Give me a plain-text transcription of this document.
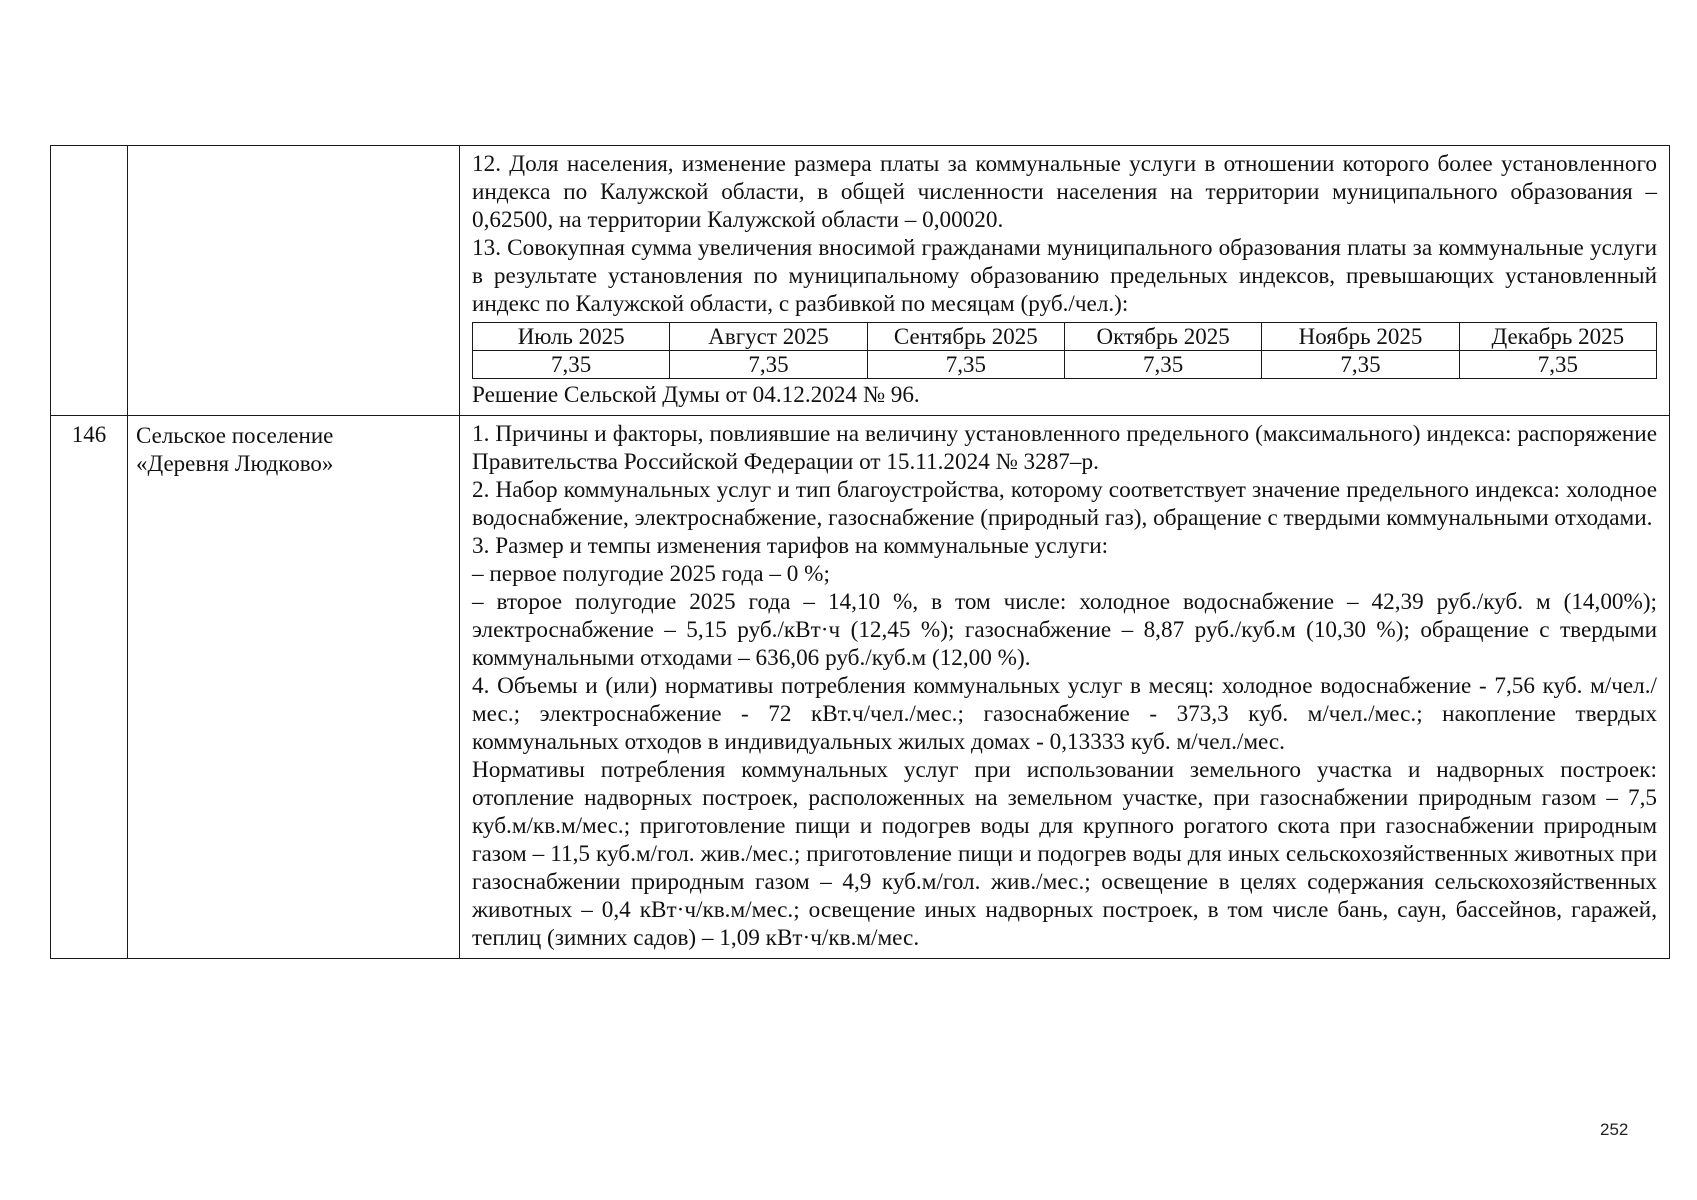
12. Доля населения, изменение размера платы за коммунальные услуги в отношении которого более установленного индекса по Калужской области, в общей численности населения на территории муниципального образования – 0,62500, на территории Калужской области – 0,00020.

13. Совокупная сумма увеличения вносимой гражданами муниципального образования платы за коммунальные услуги в результате установления по муниципальному образованию предельных индексов, превышающих установленный индекс по Калужской области, с разбивкой по месяцам (руб./чел.):

Июль 2025	Август 2025	Сентябрь 2025	Октябрь 2025	Ноябрь 2025	Декабрь 2025
7,35	7,35	7,35	7,35	7,35	7,35

Решение Сельской Думы от 04.12.2024 № 96.

146	Сельское поселение
«Деревня Людково»

1. Причины и факторы, повлиявшие на величину установленного предельного (максимального) индекса: распоряжение Правительства Российской Федерации от 15.11.2024 № 3287–р.

2. Набор коммунальных услуг и тип благоустройства, которому соответствует значение предельного индекса: холодное водоснабжение, электроснабжение, газоснабжение (природный газ), обращение с твердыми коммунальными отходами.

3. Размер и темпы изменения тарифов на коммунальные услуги:

– первое полугодие 2025 года – 0 %;

– второе полугодие 2025 года – 14,10 %, в том числе: холодное водоснабжение – 42,39 руб./куб. м (14,00%); электроснабжение – 5,15 руб./кВт·ч (12,45 %); газоснабжение – 8,87 руб./куб.м (10,30 %); обращение с твердыми коммунальными отходами – 636,06 руб./куб.м (12,00 %).

4. Объемы и (или) нормативы потребления коммунальных услуг в месяц: холодное водоснабжение - 7,56 куб. м/чел./мес.; электроснабжение - 72 кВт.ч/чел./мес.; газоснабжение - 373,3 куб. м/чел./мес.; накопление твердых коммунальных отходов в индивидуальных жилых домах - 0,13333 куб. м/чел./мес.

Нормативы потребления коммунальных услуг при использовании земельного участка и надворных построек: отопление надворных построек, расположенных на земельном участке, при газоснабжении природным газом – 7,5 куб.м/кв.м/мес.; приготовление пищи и подогрев воды для крупного рогатого скота при газоснабжении природным газом – 11,5 куб.м/гол. жив./мес.; приготовление пищи и подогрев воды для иных сельскохозяйственных животных при газоснабжении природным газом – 4,9 куб.м/гол. жив./мес.; освещение в целях содержания сельскохозяйственных животных – 0,4 кВт·ч/кв.м/мес.; освещение иных надворных построек, в том числе бань, саун, бассейнов, гаражей, теплиц (зимних садов) – 1,09 кВт·ч/кв.м/мес.

252
